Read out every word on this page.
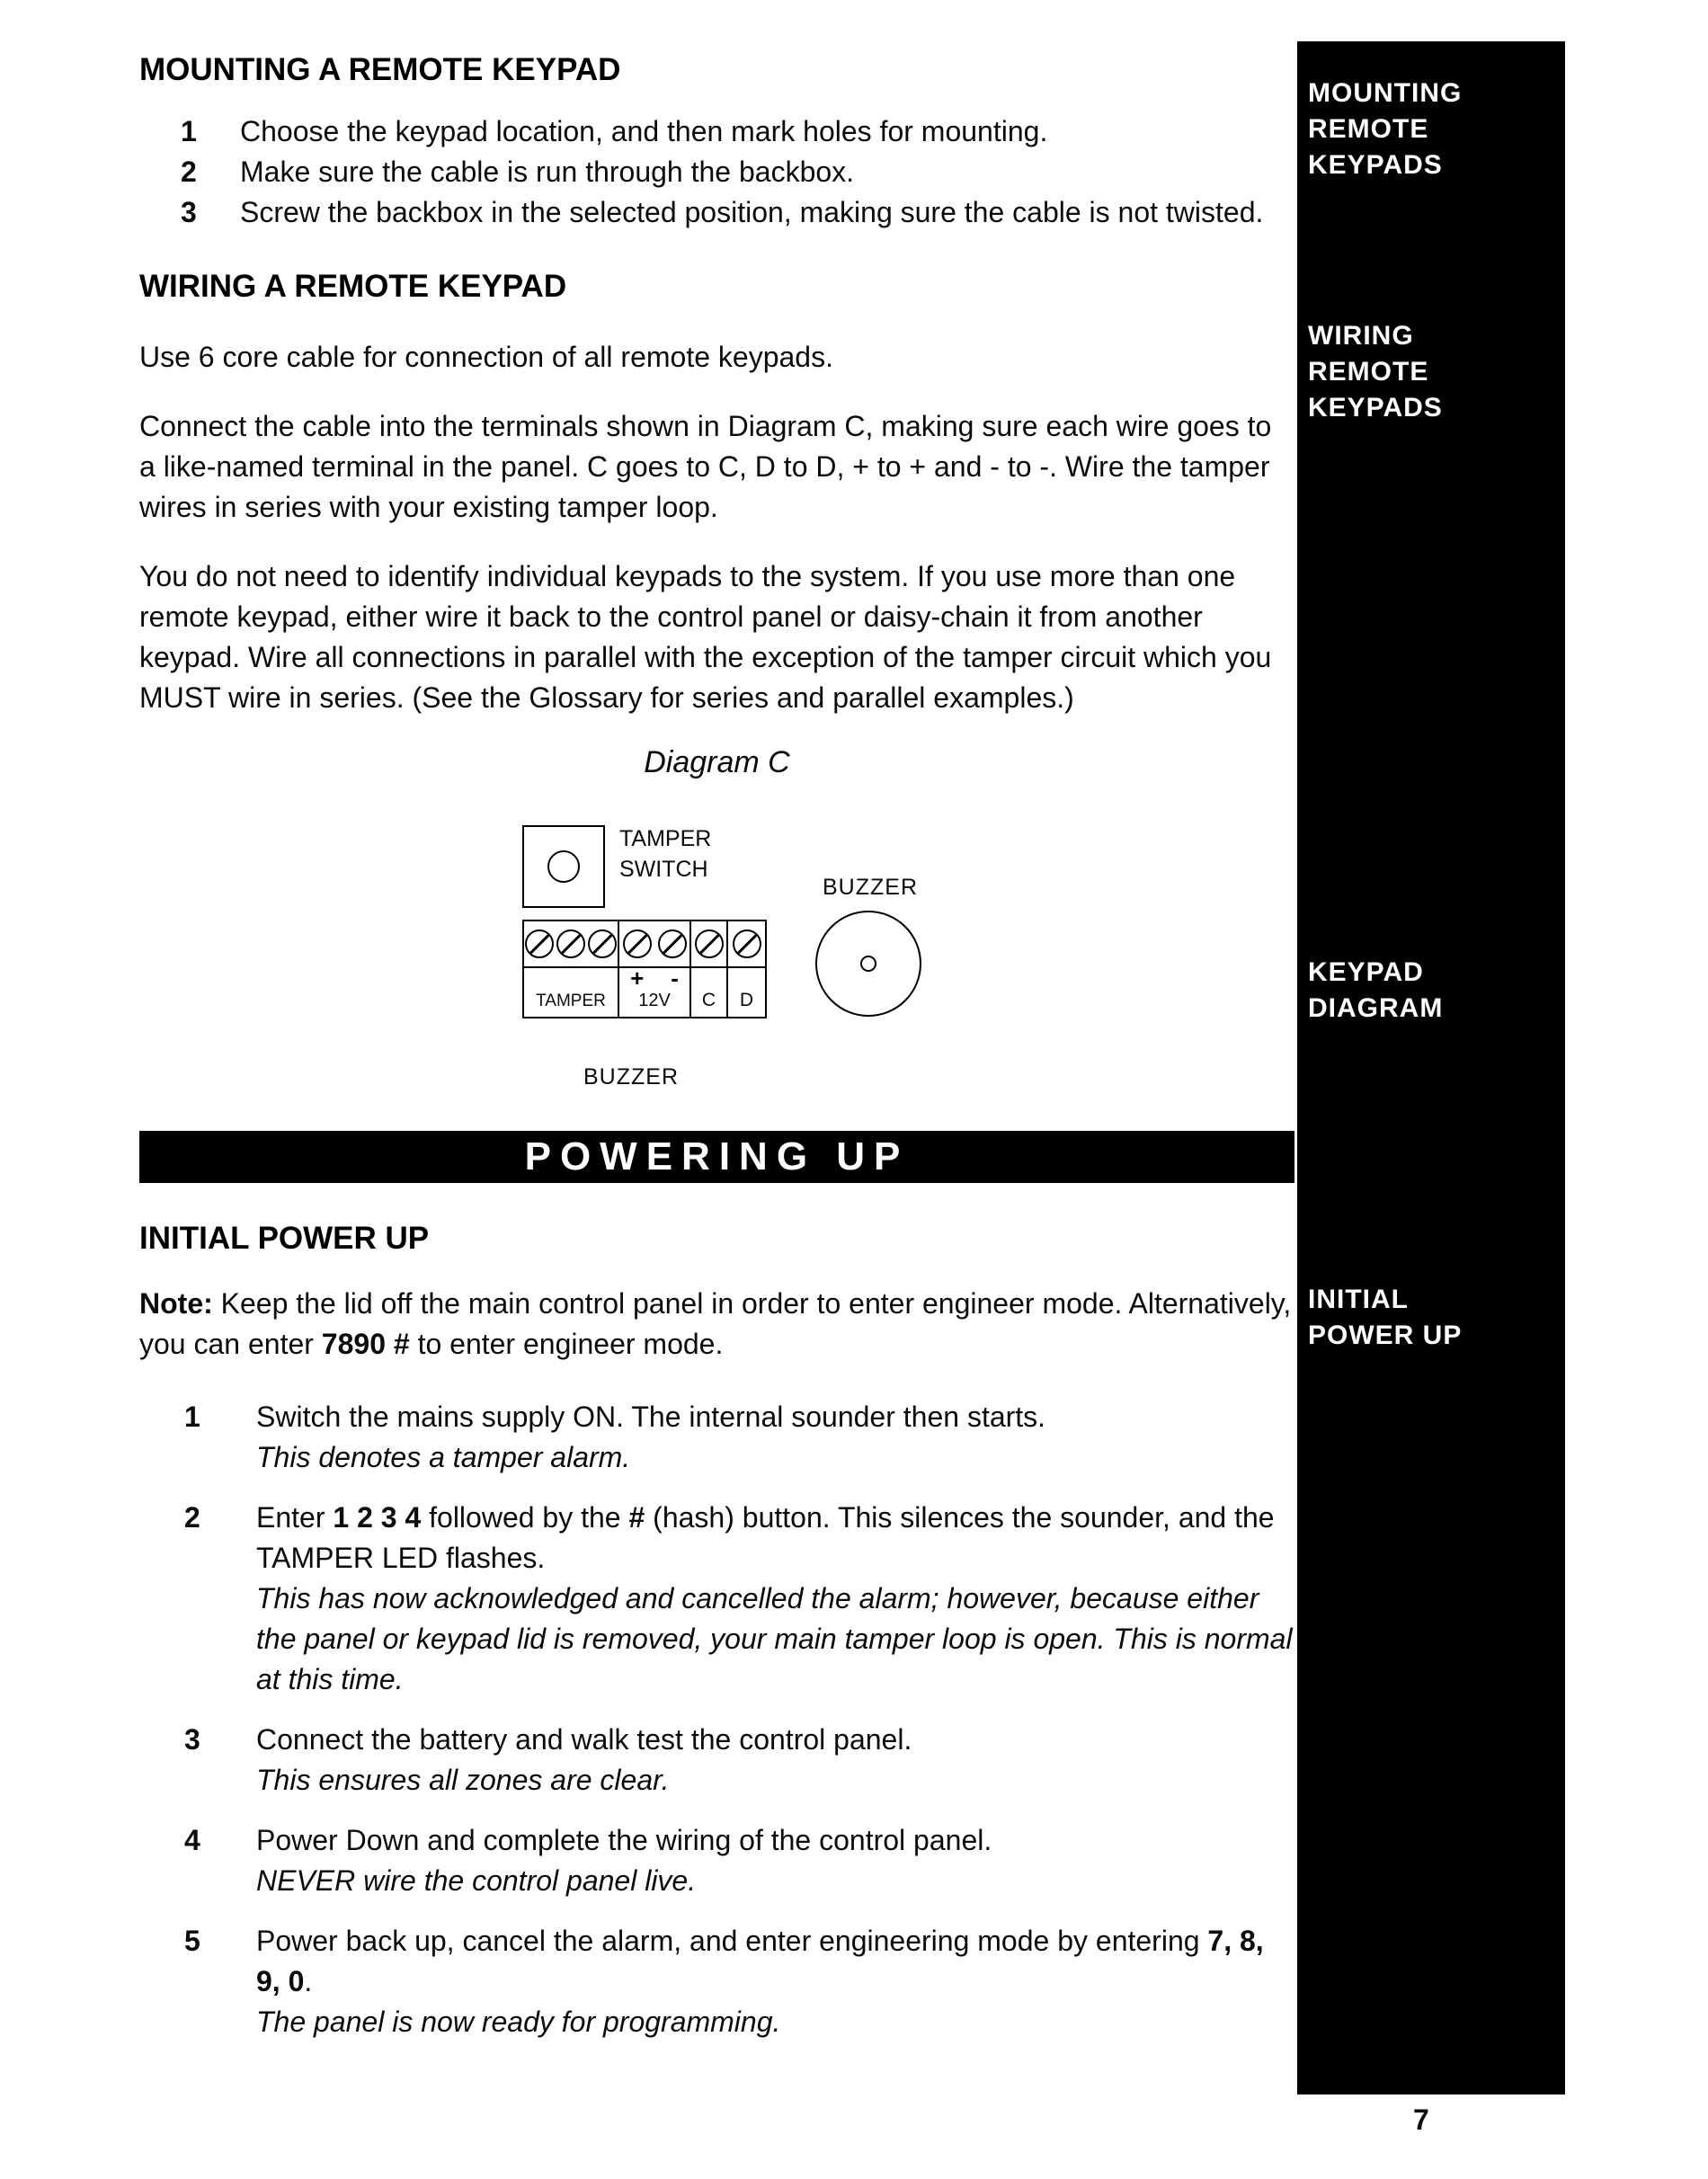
MOUNTING A REMOTE KEYPAD
1	Choose the keypad location, and then mark holes for mounting.
2	Make sure the cable is run through the backbox.
3	Screw the backbox in the selected position, making sure the cable is not twisted.
WIRING A REMOTE KEYPAD

Use 6 core cable for connection of all remote keypads.

Connect the cable into the terminals shown in Diagram C, making sure each wire goes to a like-named terminal in the panel. C goes to C, D to D, + to + and - to -. Wire the tamper wires in series with your existing tamper loop.

You do not need to identify individual keypads to the system. If you use more than one remote keypad, either wire it back to the control panel or daisy-chain it from another keypad. Wire all connections in parallel with the exception of the tamper circuit which you MUST wire in series. (See the Glossary for series and parallel examples.)

Diagram C
TAMPER
SWITCH
BUZZER
TAMPER
+ -
12V	C	D
BUZZER
POWERING UP
INITIAL POWER UP

Note: Keep the lid off the main control panel in order to enter engineer mode. Alternatively, you can enter 7890 # to enter engineer mode.

1	Switch the mains supply ON. The internal sounder then starts.
This denotes a tamper alarm.
2	Enter 1 2 3 4 followed by the # (hash) button. This silences the sounder, and the TAMPER LED flashes.
This has now acknowledged and cancelled the alarm; however, because either the panel or keypad lid is removed, your main tamper loop is open. This is normal at this time.
3	Connect the battery and walk test the control panel.
This ensures all zones are clear.
4	Power Down and complete the wiring of the control panel.
NEVER wire the control panel live.
5	Power back up, cancel the alarm, and enter engineering mode by entering 7, 8, 9, 0.
The panel is now ready for programming.
MOUNTING
REMOTE
KEYPADS
WIRING
REMOTE
KEYPADS
KEYPAD
DIAGRAM
INITIAL
POWER UP
7
